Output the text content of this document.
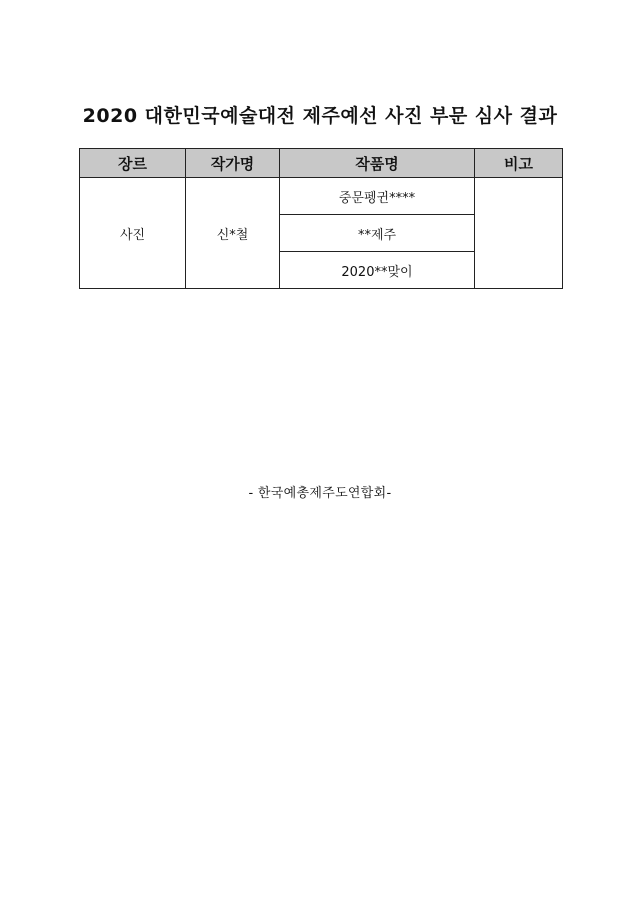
2020 대한민국예술대전 제주예선 사진 부문 심사 결과
장르	작가명	작품명	비고
사진	신*철	중문펭귄****	
		**제주	
		2020**맞이	
- 한국예총제주도연합회-
